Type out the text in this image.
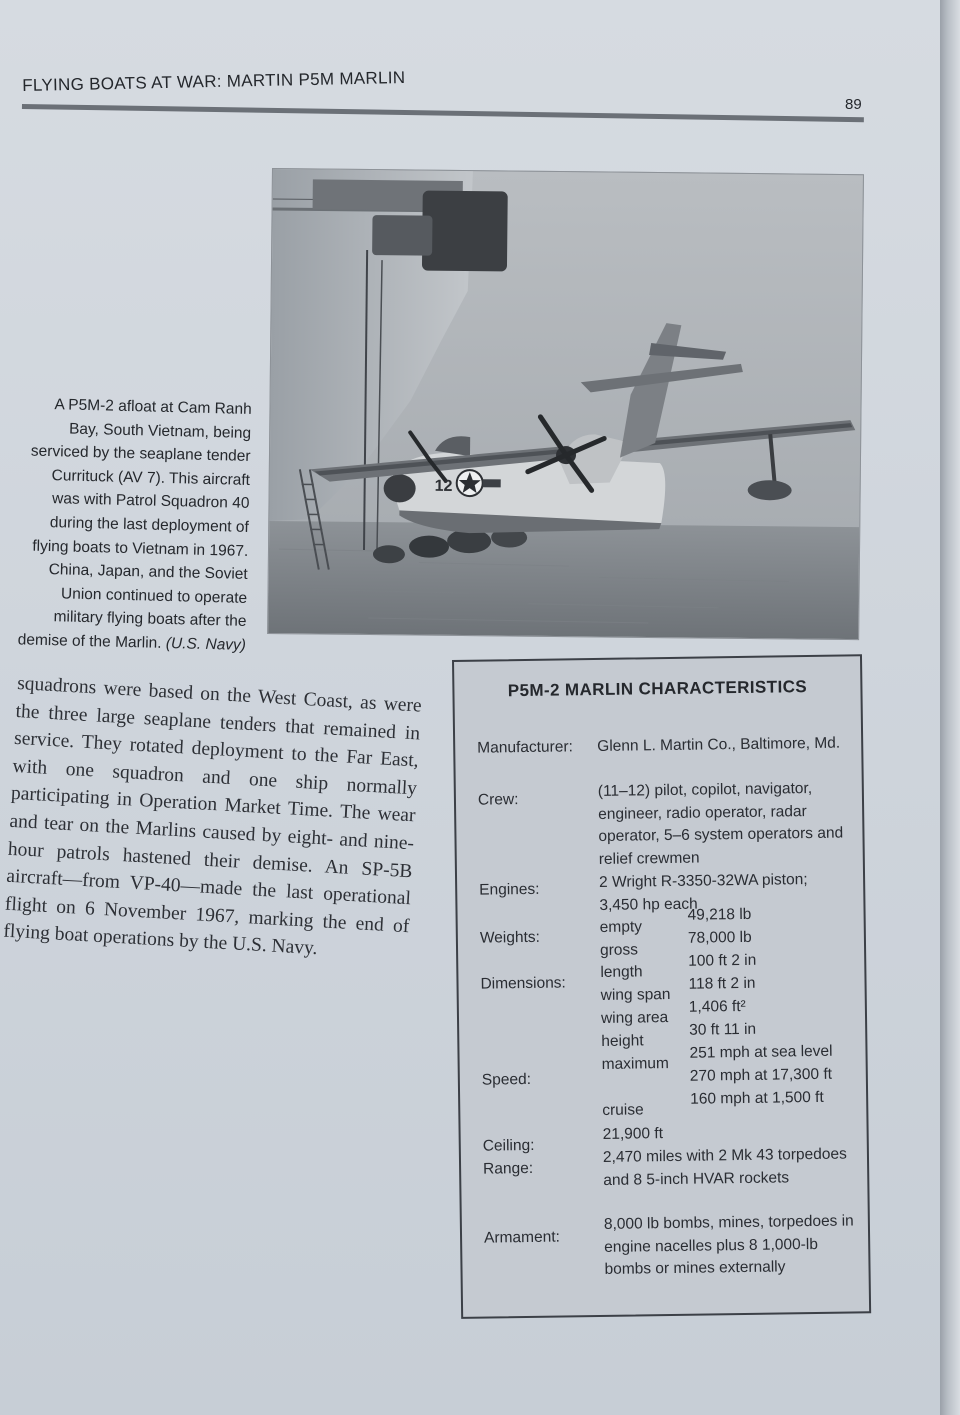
FLYING BOATS AT WAR: MARTIN P5M MARLIN
89
12
A P5M-2 afloat at Cam Ranh Bay, South Vietnam, being serviced by the seaplane tender Currituck (AV 7). This aircraft was with Patrol Squadron 40 during the last deployment of flying boats to Vietnam in 1967. China, Japan, and the Soviet Union continued to operate military flying boats after the demise of the Marlin. (U.S. Navy)
squadrons were based on the West Coast, as were the three large seaplane tenders that remained in service. They rotated deployment to the Far East, with one squadron and one ship normally participating in Operation Market Time. The wear and tear on the Marlins caused by eight- and nine-hour patrols hastened their demise. An SP-5B aircraft—from VP-40—made the last operational flight on 6 November 1967, marking the end of flying boat operations by the U.S. Navy.
P5M-2 MARLIN CHARACTERISTICS
Manufacturer: Glenn L. Martin Co., Baltimore, Md.
Crew:	(11–12) pilot, copilot, navigator, engineer, radio operator, radar operator, 5–6 system operators and relief crewmen
Engines:	2 Wright R-3350-32WA piston; 3,450 hp each
Weights:
empty
49,218 lb
gross
78,000 lb
Dimensions:
length
100 ft 2 in
wing span
118 ft 2 in
wing area
1,406 ft²
height
30 ft 11 in
Speed:
maximum
251 mph at sea level
270 mph at 17,300 ft
cruise
160 mph at 1,500 ft
Ceiling:
21,900 ft
Range:
2,470 miles with 2 Mk 43 torpedoes and 8 5-inch HVAR rockets
Armament:
8,000 lb bombs, mines, torpedoes in engine nacelles plus 8 1,000-lb bombs or mines externally
